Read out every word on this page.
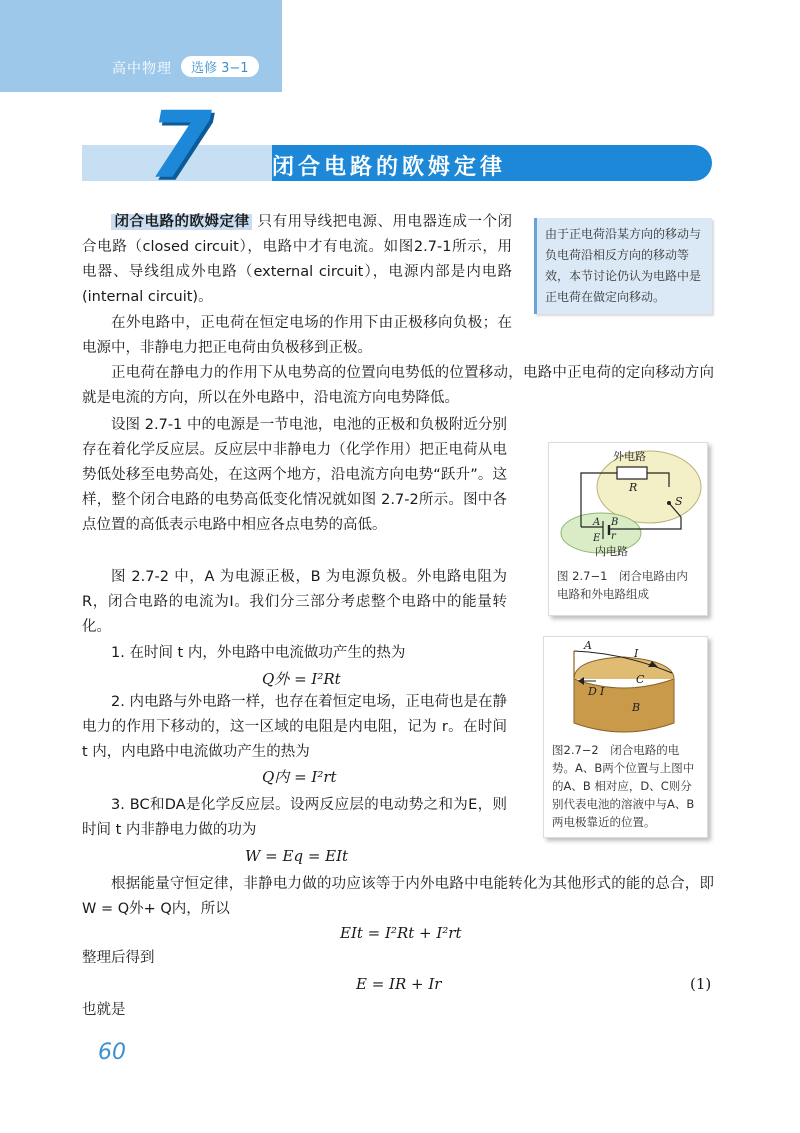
高中物理	选修 3−1
7	闭合电路的欧姆定律

闭合电路的欧姆定律 只有用导线把电源、用电器连成一个闭合电路（closed circuit），电路中才有电流。如图2.7-1所示，用电器、导线组成外电路（external circuit），电源内部是内电路(internal circuit)。

由于正电荷沿某方向的移动与负电荷沿相反方向的移动等效，本节讨论仍认为电路中是正电荷在做定向移动。

在外电路中，正电荷在恒定电场的作用下由正极移向负极；在电源中，非静电力把正电荷由负极移到正极。

正电荷在静电力的作用下从电势高的位置向电势低的位置移动，电路中正电荷的定向移动方向就是电流的方向，所以在外电路中，沿电流方向电势降低。

设图 2.7-1 中的电源是一节电池，电池的正极和负极附近分别存在着化学反应层。反应层中非静电力（化学作用）把正电荷从电势低处移至电势高处，在这两个地方，沿电流方向电势“跃升”。这样，整个闭合电路的电势高低变化情况就如图 2.7-2所示。图中各点位置的高低表示电路中相应各点电势的高低。

图 2.7-2 中，A 为电源正极，B 为电源负极。外电路电阻为R，闭合电路的电流为I。我们分三部分考虑整个电路中的能量转化。

1. 在时间 t 内，外电路中电流做功产生的热为

Q外 = I²Rt

2. 内电路与外电路一样，也存在着恒定电场，正电荷也是在静电力的作用下移动的，这一区域的电阻是内电阻，记为 r。在时间 t 内，内电路中电流做功产生的热为

Q内 = I²rt

3. BC和DA是化学反应层。设两反应层的电动势之和为E，则时间 t 内非静电力做的功为

W = Eq = EIt

根据能量守恒定律，非静电力做的功应该等于内外电路中电能转化为其他形式的能的总合，即 W = Q外+ Q内，所以

EIt = I²Rt + I²rt

整理后得到

E = IR + Ir	(1)

也就是

外电路
R
S
A B
E r
内电路
图 2.7−1　闭合电路由内电路和外电路组成
A
I
C
D I
B
图2.7−2　闭合电路的电势。A、B两个位置与上图中的A、B 相对应，D、C则分别代表电池的溶液中与A、B两电极靠近的位置。
60
